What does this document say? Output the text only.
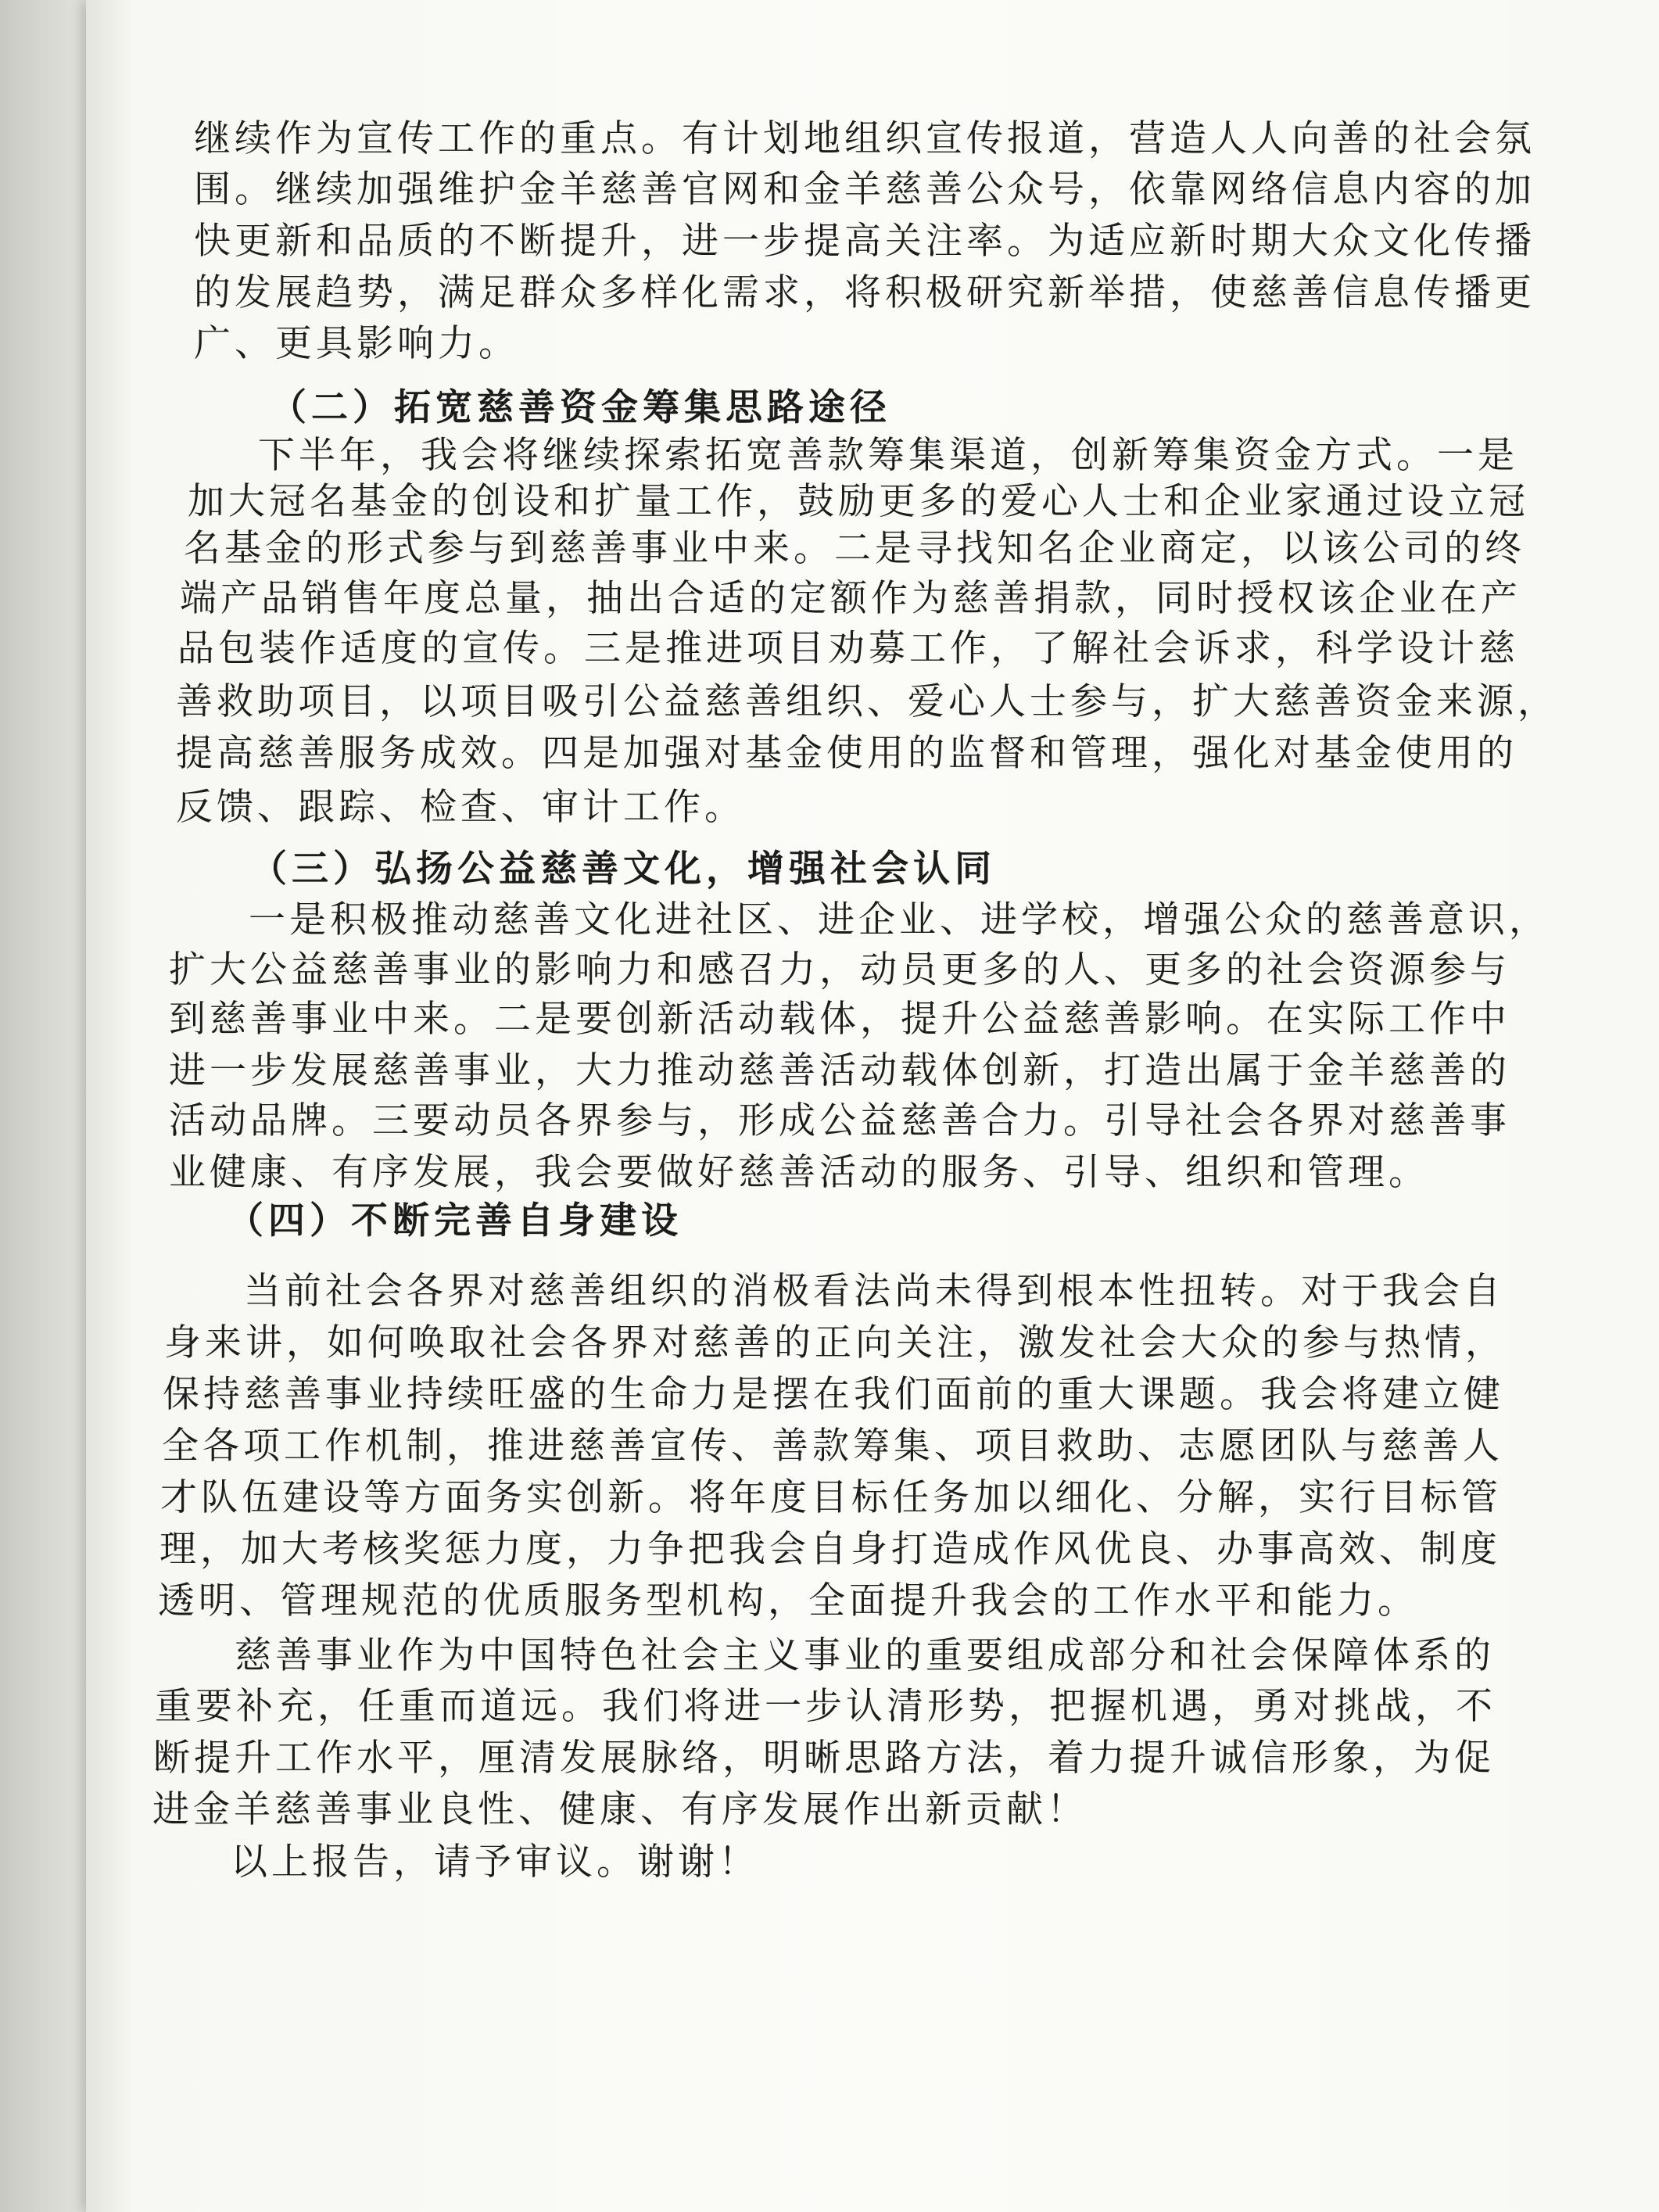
继续作为宣传工作的重点。有计划地组织宣传报道，营造人人向善的社会氛
围。继续加强维护金羊慈善官网和金羊慈善公众号，依靠网络信息内容的加
快更新和品质的不断提升，进一步提高关注率。为适应新时期大众文化传播
的发展趋势，满足群众多样化需求，将积极研究新举措，使慈善信息传播更
广、更具影响力。
（二）拓宽慈善资金筹集思路途径
下半年，我会将继续探索拓宽善款筹集渠道，创新筹集资金方式。一是
加大冠名基金的创设和扩量工作，鼓励更多的爱心人士和企业家通过设立冠
名基金的形式参与到慈善事业中来。二是寻找知名企业商定，以该公司的终
端产品销售年度总量，抽出合适的定额作为慈善捐款，同时授权该企业在产
品包装作适度的宣传。三是推进项目劝募工作，了解社会诉求，科学设计慈
善救助项目，以项目吸引公益慈善组织、爱心人士参与，扩大慈善资金来源，
提高慈善服务成效。四是加强对基金使用的监督和管理，强化对基金使用的
反馈、跟踪、检查、审计工作。
（三）弘扬公益慈善文化，增强社会认同
一是积极推动慈善文化进社区、进企业、进学校，增强公众的慈善意识，
扩大公益慈善事业的影响力和感召力，动员更多的人、更多的社会资源参与
到慈善事业中来。二是要创新活动载体，提升公益慈善影响。在实际工作中
进一步发展慈善事业，大力推动慈善活动载体创新，打造出属于金羊慈善的
活动品牌。三要动员各界参与，形成公益慈善合力。引导社会各界对慈善事
业健康、有序发展，我会要做好慈善活动的服务、引导、组织和管理。
（四）不断完善自身建设
当前社会各界对慈善组织的消极看法尚未得到根本性扭转。对于我会自
身来讲，如何唤取社会各界对慈善的正向关注，激发社会大众的参与热情，
保持慈善事业持续旺盛的生命力是摆在我们面前的重大课题。我会将建立健
全各项工作机制，推进慈善宣传、善款筹集、项目救助、志愿团队与慈善人
才队伍建设等方面务实创新。将年度目标任务加以细化、分解，实行目标管
理，加大考核奖惩力度，力争把我会自身打造成作风优良、办事高效、制度
透明、管理规范的优质服务型机构，全面提升我会的工作水平和能力。
慈善事业作为中国特色社会主义事业的重要组成部分和社会保障体系的
重要补充，任重而道远。我们将进一步认清形势，把握机遇，勇对挑战，不
断提升工作水平，厘清发展脉络，明晰思路方法，着力提升诚信形象，为促
进金羊慈善事业良性、健康、有序发展作出新贡献！
以上报告，请予审议。谢谢！
